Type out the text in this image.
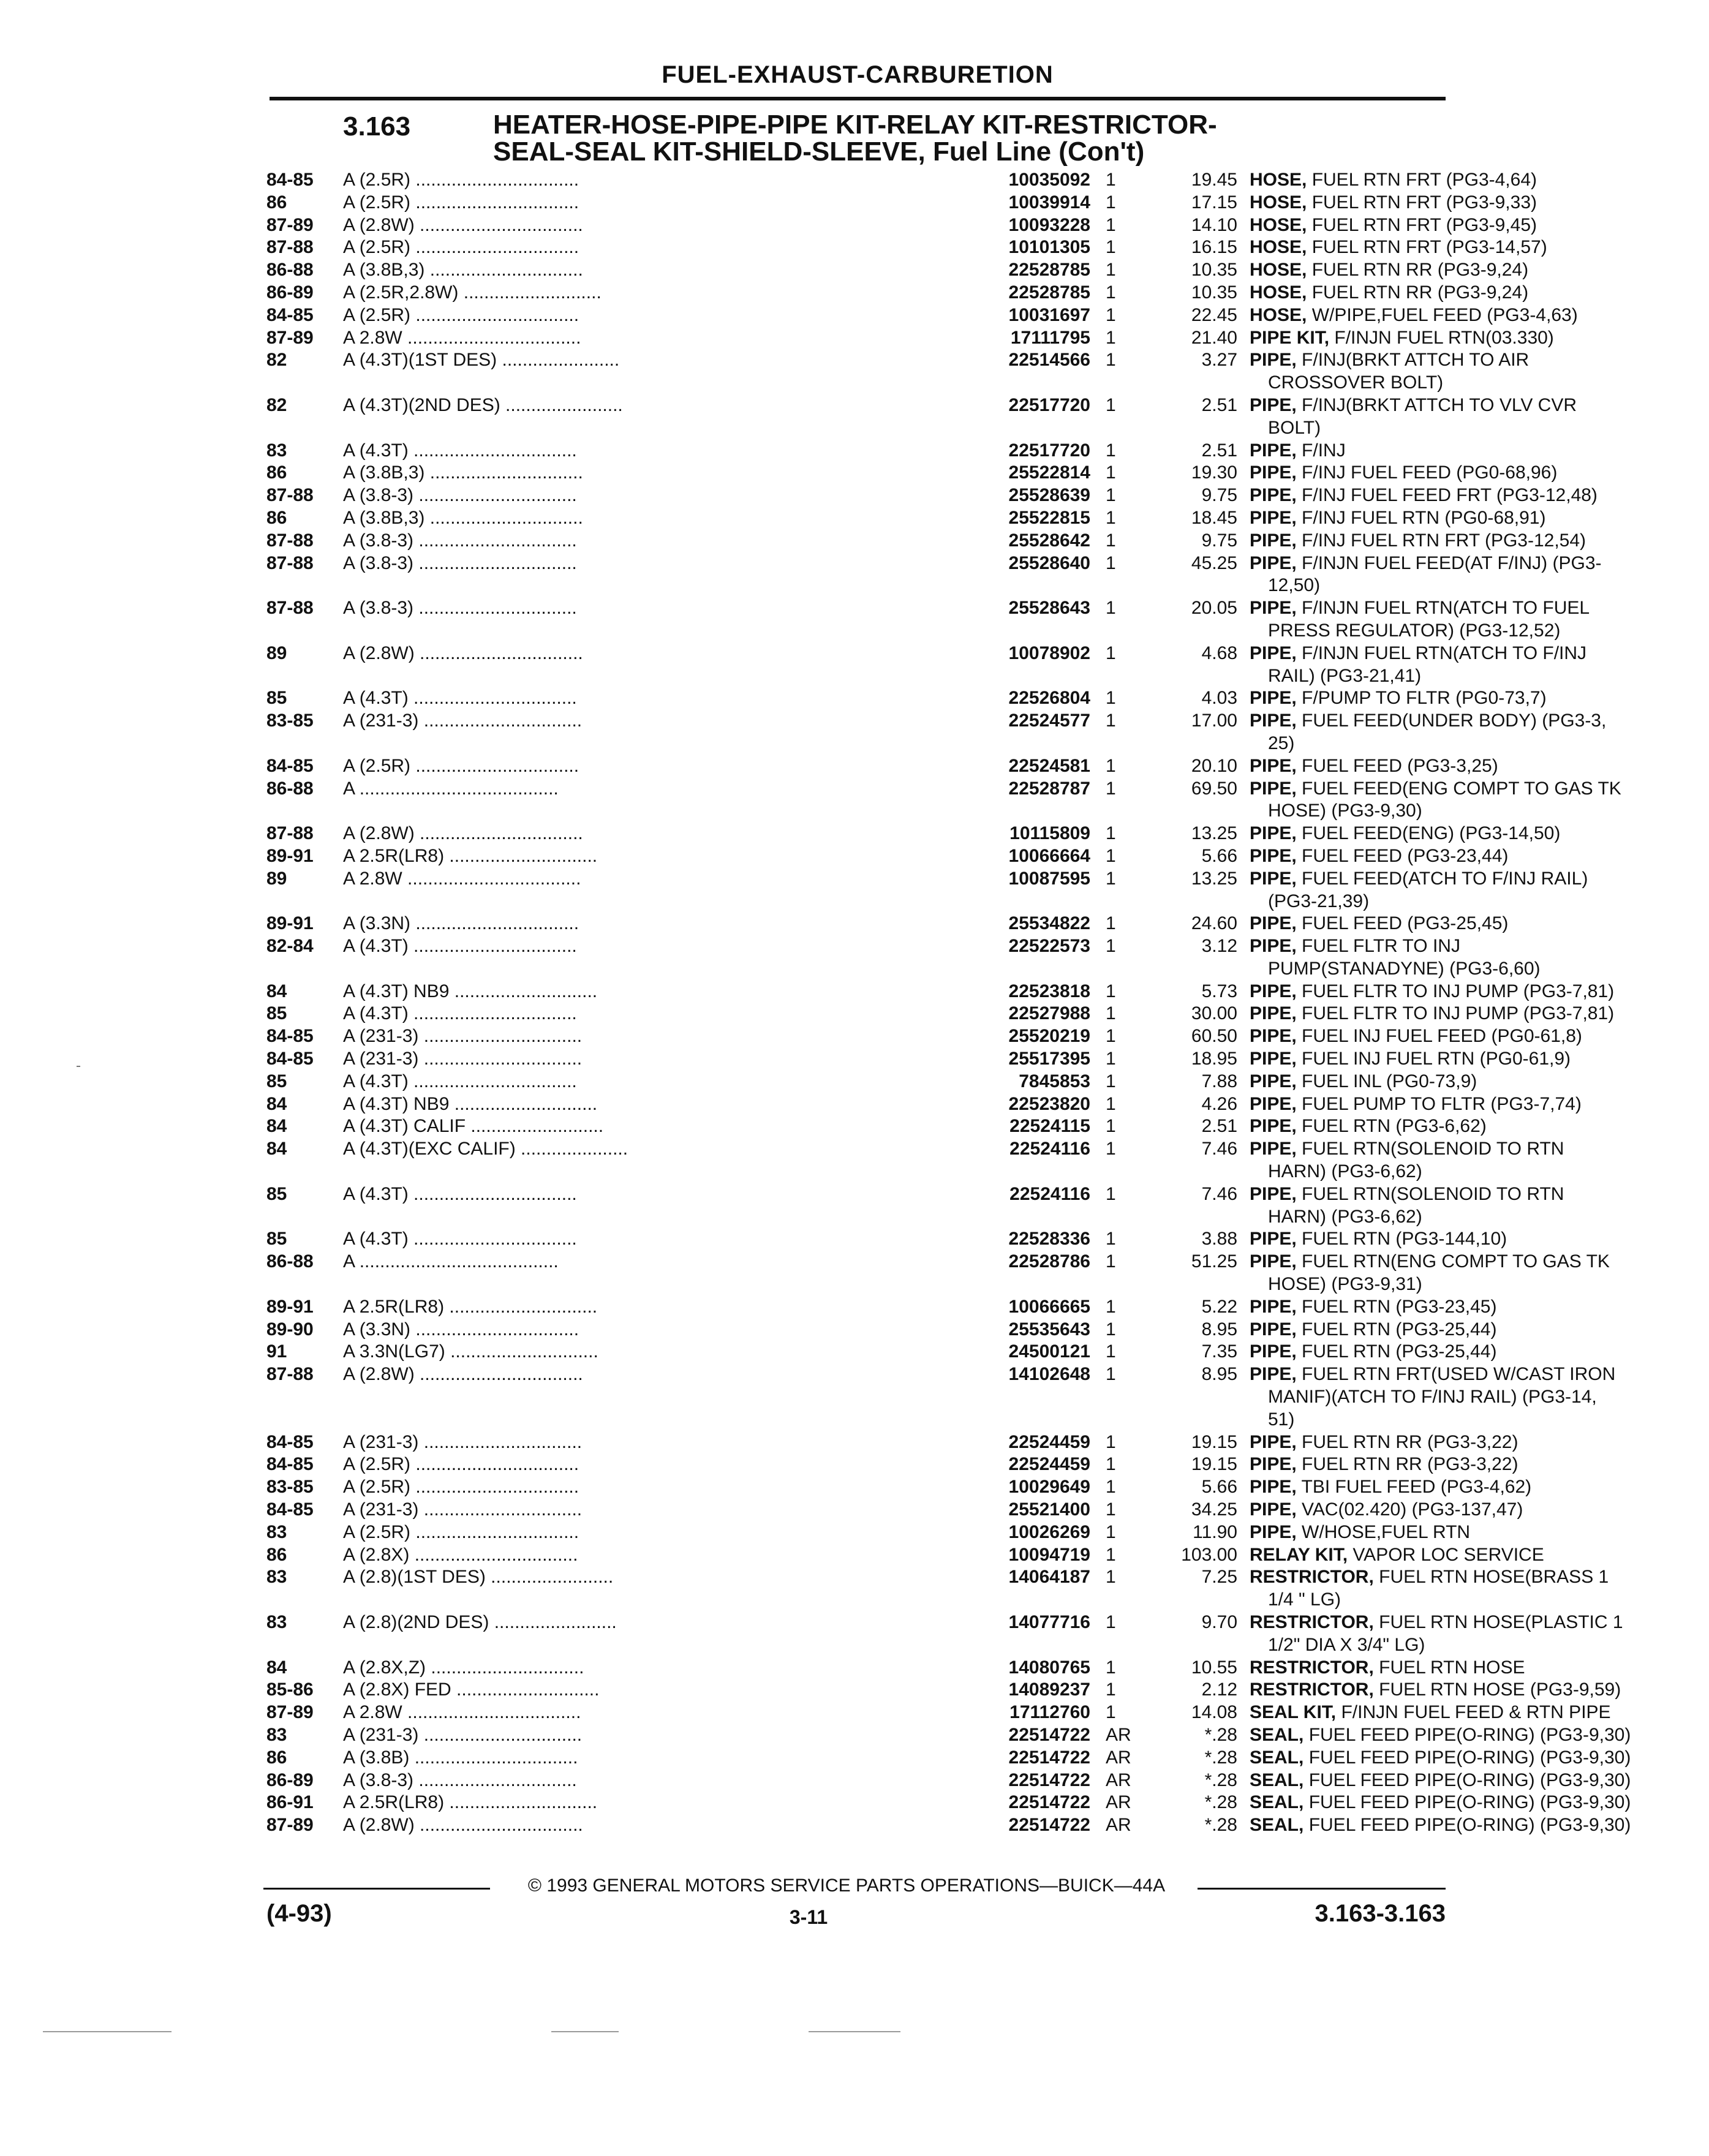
FUEL-EXHAUST-CARBURETION
3.163	HEATER-HOSE-PIPE-PIPE KIT-RELAY KIT-RESTRICTOR-
SEAL-SEAL KIT-SHIELD-SLEEVE, Fuel Line (Con't)
84-85	A (2.5R) ................................	10035092 1	19.45 HOSE, FUEL RTN FRT (PG3-4,64)
86	A (2.5R) ................................	10039914 1	17.15 HOSE, FUEL RTN FRT (PG3-9,33)
87-89	A (2.8W) ................................	10093228 1	14.10 HOSE, FUEL RTN FRT (PG3-9,45)
87-88	A (2.5R) ................................	10101305 1	16.15 HOSE, FUEL RTN FRT (PG3-14,57)
86-88	A (3.8B,3) ..............................	22528785 1	10.35 HOSE, FUEL RTN RR (PG3-9,24)
86-89	A (2.5R,2.8W) ...........................	22528785 1	10.35 HOSE, FUEL RTN RR (PG3-9,24)
84-85	A (2.5R) ................................	10031697 1	22.45 HOSE, W/PIPE,FUEL FEED (PG3-4,63)
87-89	A 2.8W ..................................	17111795 1	21.40 PIPE KIT, F/INJN FUEL RTN(03.330)
82	A (4.3T)(1ST DES) .......................	22514566 1	3.27 PIPE, F/INJ(BRKT ATTCH TO AIR
CROSSOVER BOLT)
82	A (4.3T)(2ND DES) .......................	22517720 1	2.51 PIPE, F/INJ(BRKT ATTCH TO VLV CVR
BOLT)
83	A (4.3T) ................................	22517720 1	2.51 PIPE, F/INJ
86	A (3.8B,3) ..............................	25522814 1	19.30 PIPE, F/INJ FUEL FEED (PG0-68,96)
87-88	A (3.8-3) ...............................	25528639 1	9.75 PIPE, F/INJ FUEL FEED FRT (PG3-12,48)
86	A (3.8B,3) ..............................	25522815 1	18.45 PIPE, F/INJ FUEL RTN (PG0-68,91)
87-88	A (3.8-3) ...............................	25528642 1	9.75 PIPE, F/INJ FUEL RTN FRT (PG3-12,54)
87-88	A (3.8-3) ...............................	25528640 1	45.25 PIPE, F/INJN FUEL FEED(AT F/INJ) (PG3-
12,50)
87-88	A (3.8-3) ...............................	25528643 1	20.05 PIPE, F/INJN FUEL RTN(ATCH TO FUEL
PRESS REGULATOR) (PG3-12,52)
89	A (2.8W) ................................	10078902 1	4.68 PIPE, F/INJN FUEL RTN(ATCH TO F/INJ
RAIL) (PG3-21,41)
85	A (4.3T) ................................	22526804 1	4.03 PIPE, F/PUMP TO FLTR (PG0-73,7)
83-85	A (231-3) ...............................	22524577 1	17.00 PIPE, FUEL FEED(UNDER BODY) (PG3-3,
25)
84-85	A (2.5R) ................................	22524581 1	20.10 PIPE, FUEL FEED (PG3-3,25)
86-88	A .......................................	22528787 1	69.50 PIPE, FUEL FEED(ENG COMPT TO GAS TK
HOSE) (PG3-9,30)
87-88	A (2.8W) ................................	10115809 1	13.25 PIPE, FUEL FEED(ENG) (PG3-14,50)
89-91	A 2.5R(LR8) .............................	10066664 1	5.66 PIPE, FUEL FEED (PG3-23,44)
89	A 2.8W ..................................	10087595 1	13.25 PIPE, FUEL FEED(ATCH TO F/INJ RAIL)
(PG3-21,39)
89-91	A (3.3N) ................................	25534822 1	24.60 PIPE, FUEL FEED (PG3-25,45)
82-84	A (4.3T) ................................	22522573 1	3.12 PIPE, FUEL FLTR TO INJ
PUMP(STANADYNE) (PG3-6,60)
84	A (4.3T) NB9 ............................	22523818 1	5.73 PIPE, FUEL FLTR TO INJ PUMP (PG3-7,81)
85	A (4.3T) ................................	22527988 1	30.00 PIPE, FUEL FLTR TO INJ PUMP (PG3-7,81)
84-85	A (231-3) ...............................	25520219 1	60.50 PIPE, FUEL INJ FUEL FEED (PG0-61,8)
84-85	A (231-3) ...............................	25517395 1	18.95 PIPE, FUEL INJ FUEL RTN (PG0-61,9)
85	A (4.3T) ................................	7845853 1	7.88 PIPE, FUEL INL (PG0-73,9)
84	A (4.3T) NB9 ............................	22523820 1	4.26 PIPE, FUEL PUMP TO FLTR (PG3-7,74)
84	A (4.3T) CALIF ..........................	22524115 1	2.51 PIPE, FUEL RTN (PG3-6,62)
84	A (4.3T)(EXC CALIF) .....................	22524116 1	7.46 PIPE, FUEL RTN(SOLENOID TO RTN
HARN) (PG3-6,62)
85	A (4.3T) ................................	22524116 1	7.46 PIPE, FUEL RTN(SOLENOID TO RTN
HARN) (PG3-6,62)
85	A (4.3T) ................................	22528336 1	3.88 PIPE, FUEL RTN (PG3-144,10)
86-88	A .......................................	22528786 1	51.25 PIPE, FUEL RTN(ENG COMPT TO GAS TK
HOSE) (PG3-9,31)
89-91	A 2.5R(LR8) .............................	10066665 1	5.22 PIPE, FUEL RTN (PG3-23,45)
89-90	A (3.3N) ................................	25535643 1	8.95 PIPE, FUEL RTN (PG3-25,44)
91	A 3.3N(LG7) .............................	24500121 1	7.35 PIPE, FUEL RTN (PG3-25,44)
87-88	A (2.8W) ................................	14102648 1	8.95 PIPE, FUEL RTN FRT(USED W/CAST IRON
MANIF)(ATCH TO F/INJ RAIL) (PG3-14,
51)
84-85	A (231-3) ...............................	22524459 1	19.15 PIPE, FUEL RTN RR (PG3-3,22)
84-85	A (2.5R) ................................	22524459 1	19.15 PIPE, FUEL RTN RR (PG3-3,22)
83-85	A (2.5R) ................................	10029649 1	5.66 PIPE, TBI FUEL FEED (PG3-4,62)
84-85	A (231-3) ...............................	25521400 1	34.25 PIPE, VAC(02.420) (PG3-137,47)
83	A (2.5R) ................................	10026269 1	11.90 PIPE, W/HOSE,FUEL RTN
86	A (2.8X) ................................	10094719 1	103.00 RELAY KIT, VAPOR LOC SERVICE
83	A (2.8)(1ST DES) ........................	14064187 1	7.25 RESTRICTOR, FUEL RTN HOSE(BRASS 1
1/4 " LG)
83	A (2.8)(2ND DES) ........................	14077716 1	9.70 RESTRICTOR, FUEL RTN HOSE(PLASTIC 1
1/2" DIA X 3/4" LG)
84	A (2.8X,Z) ..............................	14080765 1	10.55 RESTRICTOR, FUEL RTN HOSE
85-86	A (2.8X) FED ............................	14089237 1	2.12 RESTRICTOR, FUEL RTN HOSE (PG3-9,59)
87-89	A 2.8W ..................................	17112760 1	14.08 SEAL KIT, F/INJN FUEL FEED & RTN PIPE
83	A (231-3) ...............................	22514722 AR	*.28 SEAL, FUEL FEED PIPE(O-RING) (PG3-9,30)
86	A (3.8B) ................................	22514722 AR	*.28 SEAL, FUEL FEED PIPE(O-RING) (PG3-9,30)
86-89	A (3.8-3) ...............................	22514722 AR	*.28 SEAL, FUEL FEED PIPE(O-RING) (PG3-9,30)
86-91	A 2.5R(LR8) .............................	22514722 AR	*.28 SEAL, FUEL FEED PIPE(O-RING) (PG3-9,30)
87-89	A (2.8W) ................................	22514722 AR	*.28 SEAL, FUEL FEED PIPE(O-RING) (PG3-9,30)
© 1993 GENERAL MOTORS SERVICE PARTS OPERATIONS—BUICK—44A
(4-93)	3-11	3.163-3.163
